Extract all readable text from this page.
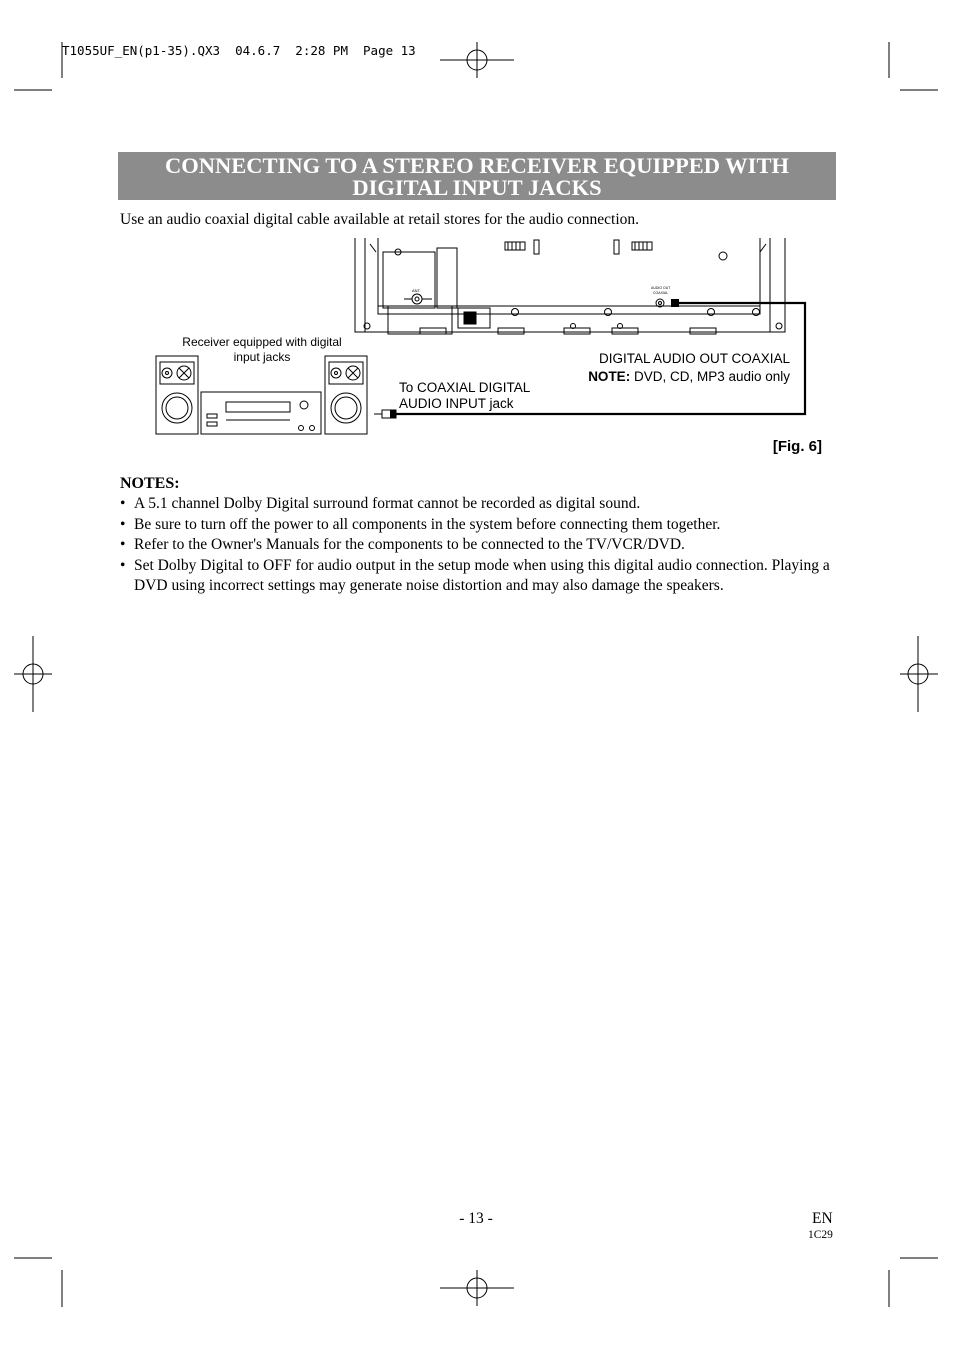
T1055UF_EN(p1-35).QX3  04.6.7  2:28 PM  Page 13
CONNECTING TO A STEREO RECEIVER EQUIPPED WITH
DIGITAL INPUT JACKS
Use an audio coaxial digital cable available at retail stores for the audio connection.
ANT.	AUDIO OUT
COAXIAL
Receiver equipped with digital
input jacks	DIGITAL AUDIO OUT COAXIAL
NOTE: DVD, CD, MP3 audio only
To COAXIAL DIGITAL
AUDIO INPUT jack
[Fig. 6]
NOTES:
• A 5.1 channel Dolby Digital surround format cannot be recorded as digital sound.
• Be sure to turn off the power to all components in the system before connecting them together.
• Refer to the Owner's Manuals for the components to be connected to the TV/VCR/DVD.
• Set Dolby Digital to OFF for audio output in the setup mode when using this digital audio connection. Playing a DVD using incorrect settings may generate noise distortion and may also damage the speakers.
- 13 -	EN
1C29
